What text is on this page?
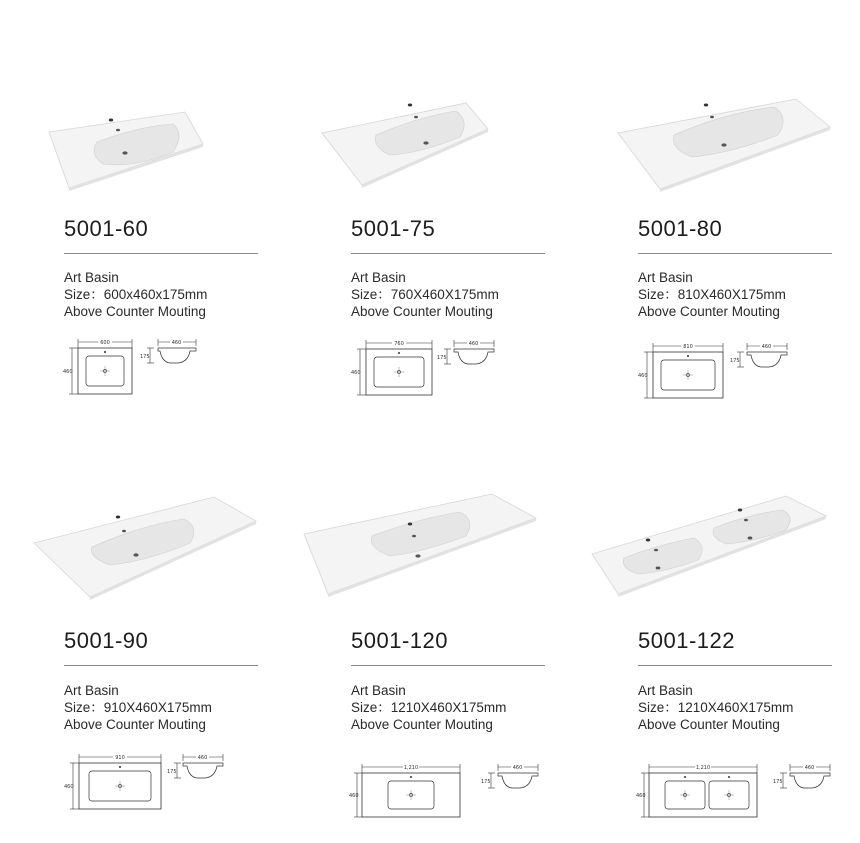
5001-60
Art Basin
Size：600x460x175mm
Above Counter Mouting
600
460
460
175
5001-75
Art Basin
Size：760X460X175mm
Above Counter Mouting
760
460
460
175
5001-80
Art Basin
Size：810X460X175mm
Above Counter Mouting
810
460
460
175
5001-90
Art Basin
Size：910X460X175mm
Above Counter Mouting
910
460
460
175
5001-120
Art Basin
Size：1210X460X175mm
Above Counter Mouting
1,210
460
460
175
5001-122
Art Basin
Size：1210X460X175mm
Above Counter Mouting
1,210
460
460
175
